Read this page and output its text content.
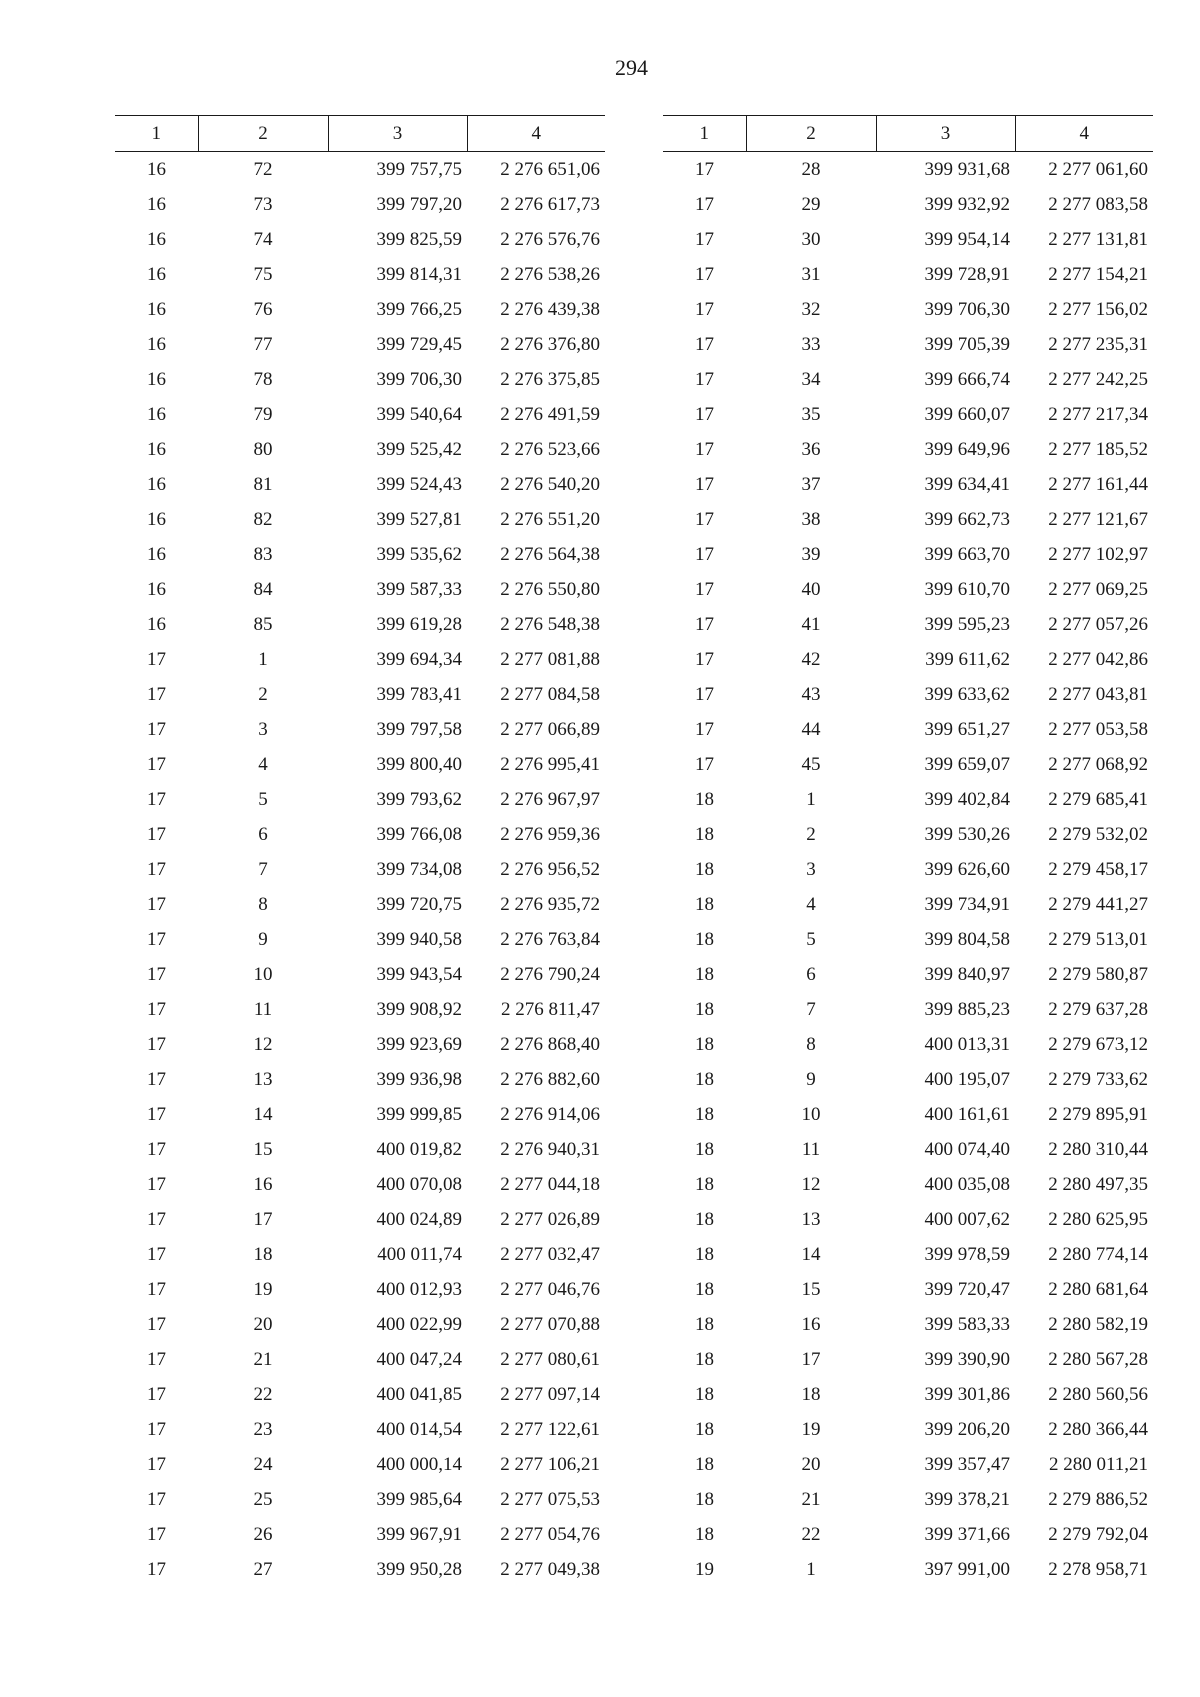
294
1	2	3	4
16	72	399 757,75	2 276 651,06
16	73	399 797,20	2 276 617,73
16	74	399 825,59	2 276 576,76
16	75	399 814,31	2 276 538,26
16	76	399 766,25	2 276 439,38
16	77	399 729,45	2 276 376,80
16	78	399 706,30	2 276 375,85
16	79	399 540,64	2 276 491,59
16	80	399 525,42	2 276 523,66
16	81	399 524,43	2 276 540,20
16	82	399 527,81	2 276 551,20
16	83	399 535,62	2 276 564,38
16	84	399 587,33	2 276 550,80
16	85	399 619,28	2 276 548,38
17	1	399 694,34	2 277 081,88
17	2	399 783,41	2 277 084,58
17	3	399 797,58	2 277 066,89
17	4	399 800,40	2 276 995,41
17	5	399 793,62	2 276 967,97
17	6	399 766,08	2 276 959,36
17	7	399 734,08	2 276 956,52
17	8	399 720,75	2 276 935,72
17	9	399 940,58	2 276 763,84
17	10	399 943,54	2 276 790,24
17	11	399 908,92	2 276 811,47
17	12	399 923,69	2 276 868,40
17	13	399 936,98	2 276 882,60
17	14	399 999,85	2 276 914,06
17	15	400 019,82	2 276 940,31
17	16	400 070,08	2 277 044,18
17	17	400 024,89	2 277 026,89
17	18	400 011,74	2 277 032,47
17	19	400 012,93	2 277 046,76
17	20	400 022,99	2 277 070,88
17	21	400 047,24	2 277 080,61
17	22	400 041,85	2 277 097,14
17	23	400 014,54	2 277 122,61
17	24	400 000,14	2 277 106,21
17	25	399 985,64	2 277 075,53
17	26	399 967,91	2 277 054,76
17	27	399 950,28	2 277 049,38
1	2	3	4
17	28	399 931,68	2 277 061,60
17	29	399 932,92	2 277 083,58
17	30	399 954,14	2 277 131,81
17	31	399 728,91	2 277 154,21
17	32	399 706,30	2 277 156,02
17	33	399 705,39	2 277 235,31
17	34	399 666,74	2 277 242,25
17	35	399 660,07	2 277 217,34
17	36	399 649,96	2 277 185,52
17	37	399 634,41	2 277 161,44
17	38	399 662,73	2 277 121,67
17	39	399 663,70	2 277 102,97
17	40	399 610,70	2 277 069,25
17	41	399 595,23	2 277 057,26
17	42	399 611,62	2 277 042,86
17	43	399 633,62	2 277 043,81
17	44	399 651,27	2 277 053,58
17	45	399 659,07	2 277 068,92
18	1	399 402,84	2 279 685,41
18	2	399 530,26	2 279 532,02
18	3	399 626,60	2 279 458,17
18	4	399 734,91	2 279 441,27
18	5	399 804,58	2 279 513,01
18	6	399 840,97	2 279 580,87
18	7	399 885,23	2 279 637,28
18	8	400 013,31	2 279 673,12
18	9	400 195,07	2 279 733,62
18	10	400 161,61	2 279 895,91
18	11	400 074,40	2 280 310,44
18	12	400 035,08	2 280 497,35
18	13	400 007,62	2 280 625,95
18	14	399 978,59	2 280 774,14
18	15	399 720,47	2 280 681,64
18	16	399 583,33	2 280 582,19
18	17	399 390,90	2 280 567,28
18	18	399 301,86	2 280 560,56
18	19	399 206,20	2 280 366,44
18	20	399 357,47	2 280 011,21
18	21	399 378,21	2 279 886,52
18	22	399 371,66	2 279 792,04
19	1	397 991,00	2 278 958,71
